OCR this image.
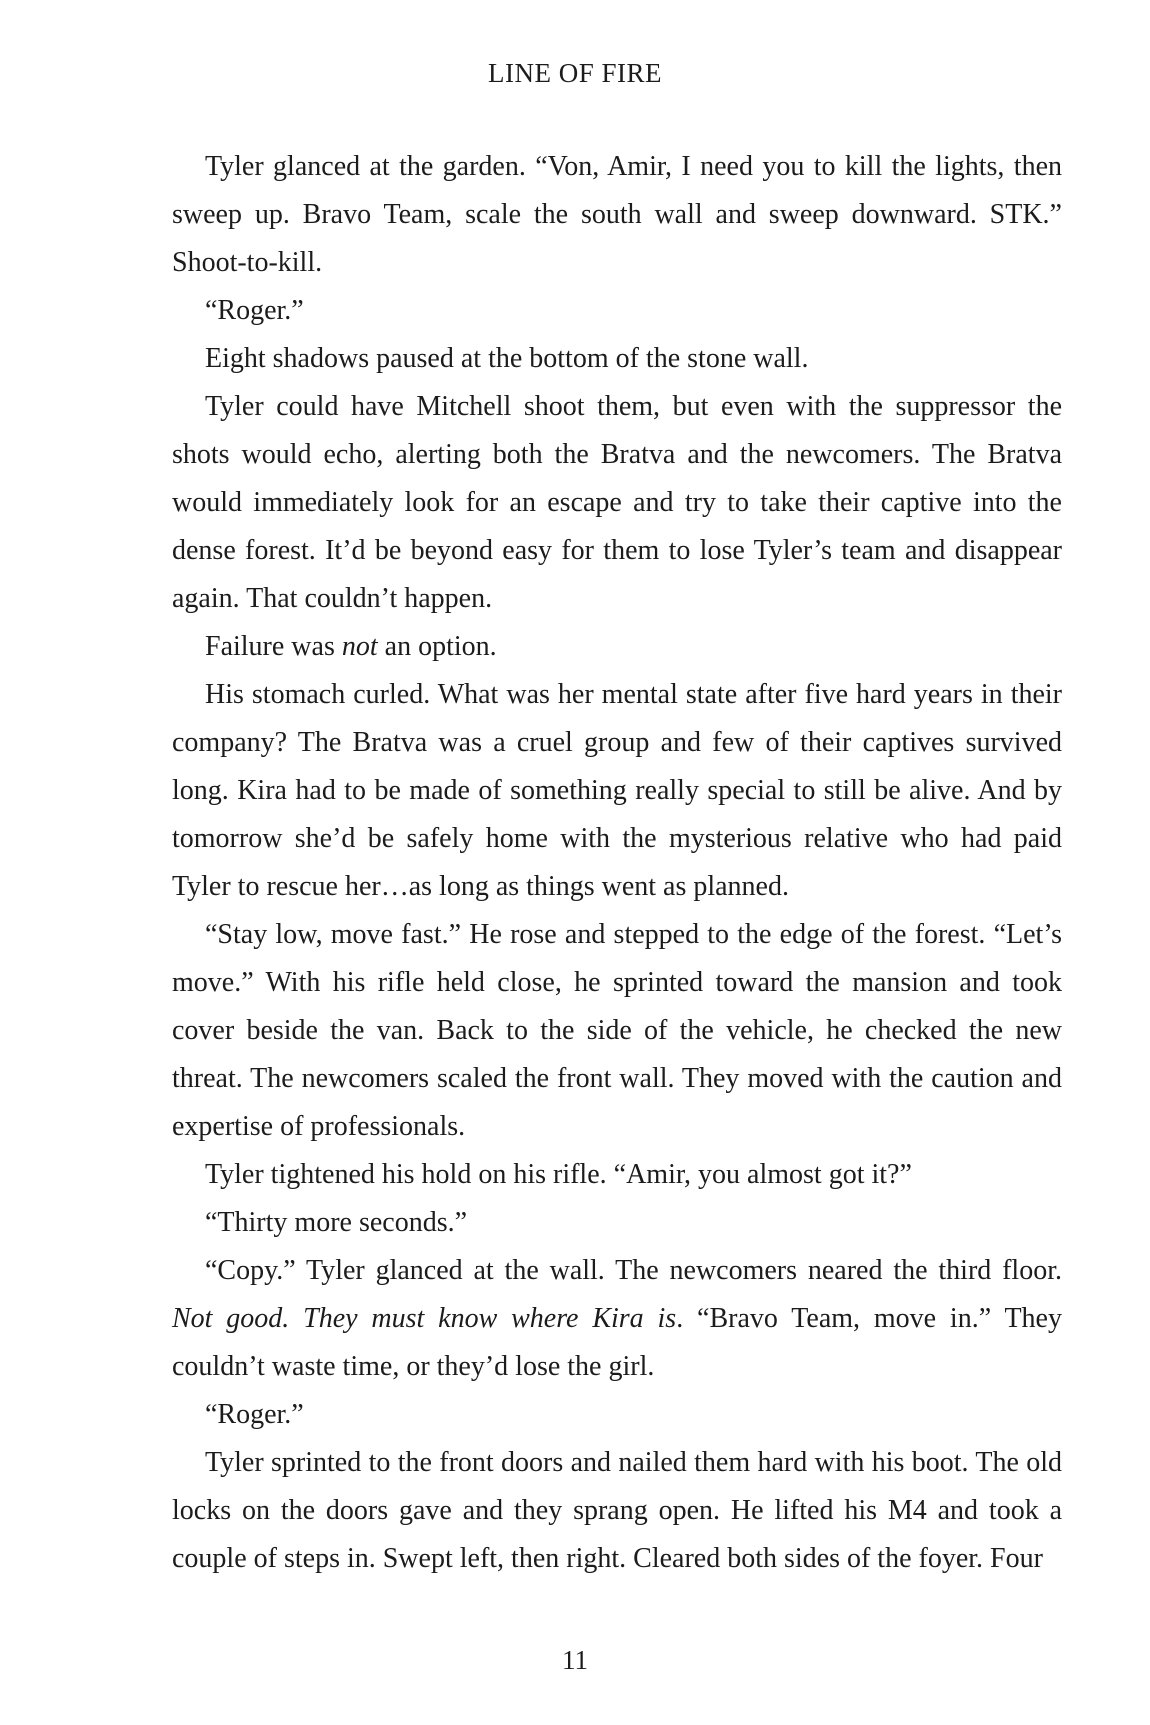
LINE OF FIRE

Tyler glanced at the garden. “Von, Amir, I need you to kill the lights, then sweep up. Bravo Team, scale the south wall and sweep downward. STK.” Shoot-to-kill.

“Roger.”

Eight shadows paused at the bottom of the stone wall.

Tyler could have Mitchell shoot them, but even with the suppressor the shots would echo, alerting both the Bratva and the newcomers. The Bratva would immediately look for an escape and try to take their captive into the dense forest. It’d be beyond easy for them to lose Tyler’s team and disappear again. That couldn’t happen.

Failure was not an option.

His stomach curled. What was her mental state after five hard years in their company? The Bratva was a cruel group and few of their captives survived long. Kira had to be made of something really special to still be alive. And by tomorrow she’d be safely home with the mysterious relative who had paid Tyler to rescue her…as long as things went as planned.

“Stay low, move fast.” He rose and stepped to the edge of the forest. “Let’s move.” With his rifle held close, he sprinted toward the mansion and took cover beside the van. Back to the side of the vehicle, he checked the new threat. The newcomers scaled the front wall. They moved with the caution and expertise of professionals.

Tyler tightened his hold on his rifle. “Amir, you almost got it?”

“Thirty more seconds.”

“Copy.” Tyler glanced at the wall. The newcomers neared the third floor. Not good. They must know where Kira is. “Bravo Team, move in.” They couldn’t waste time, or they’d lose the girl.

“Roger.”

Tyler sprinted to the front doors and nailed them hard with his boot. The old locks on the doors gave and they sprang open. He lifted his M4 and took a couple of steps in. Swept left, then right. Cleared both sides of the foyer. Four

11
